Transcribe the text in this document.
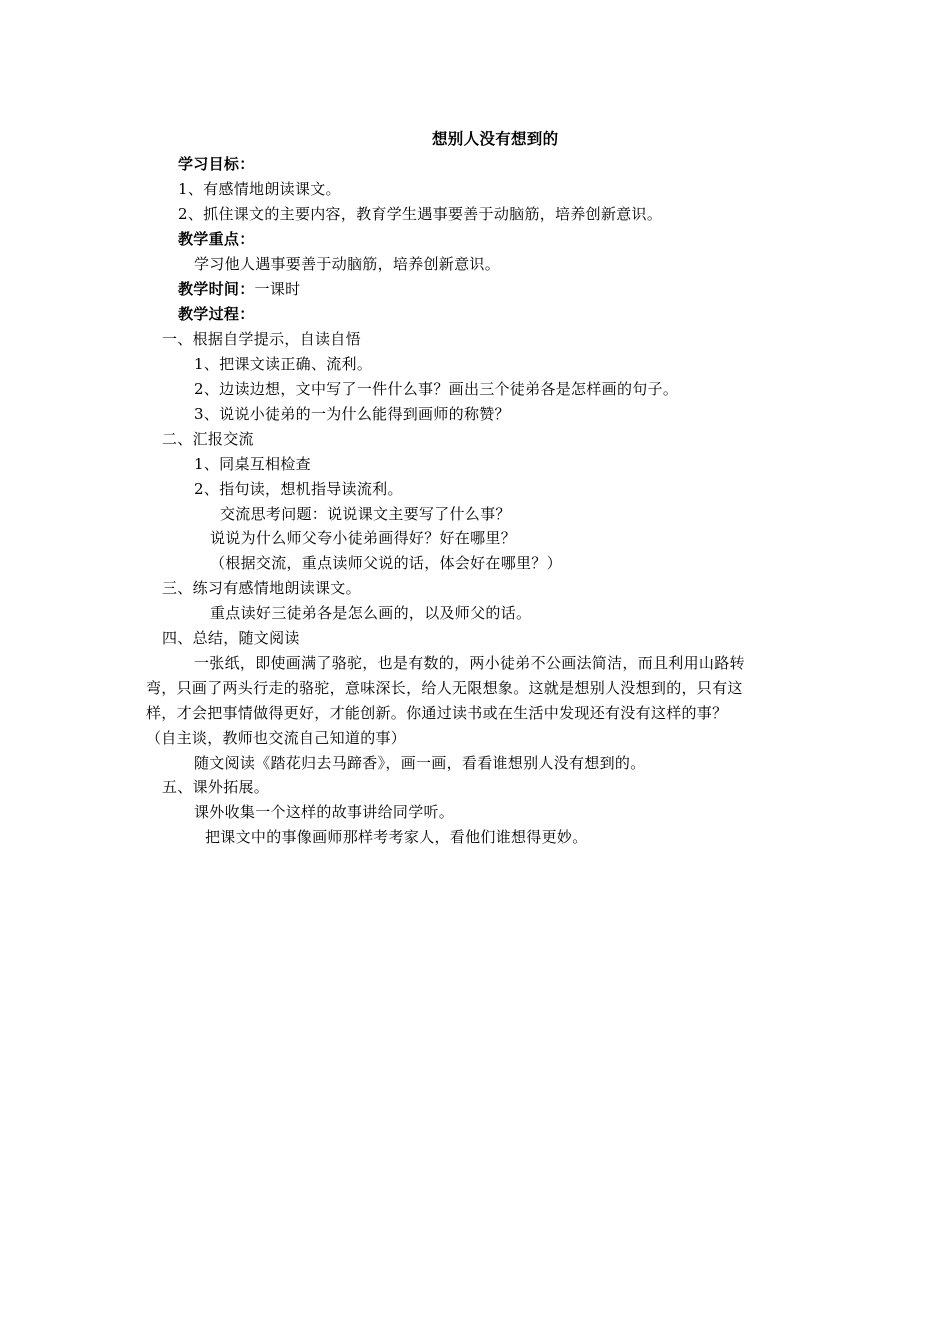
想别人没有想到的
学习目标：
1、有感情地朗读课文。
2、抓住课文的主要内容，教育学生遇事要善于动脑筋，培养创新意识。
教学重点：
学习他人遇事要善于动脑筋，培养创新意识。
教学时间：一课时
教学过程：
一、根据自学提示，自读自悟
1、把课文读正确、流利。
2、边读边想，文中写了一件什么事？画出三个徒弟各是怎样画的句子。
3、说说小徒弟的一为什么能得到画师的称赞？
二、汇报交流
1、同桌互相检查
2、指句读，想机指导读流利。
交流思考问题：说说课文主要写了什么事？
说说为什么师父夸小徒弟画得好？好在哪里？
（根据交流，重点读师父说的话，体会好在哪里？）
三、练习有感情地朗读课文。
重点读好三徒弟各是怎么画的，以及师父的话。
四、总结，随文阅读
一张纸，即使画满了骆驼，也是有数的，两小徒弟不公画法简洁，而且利用山路转
弯，只画了两头行走的骆驼，意味深长，给人无限想象。这就是想别人没想到的，只有这
样，才会把事情做得更好，才能创新。你通过读书或在生活中发现还有没有这样的事？
（自主谈，教师也交流自己知道的事）
随文阅读《踏花归去马蹄香》，画一画，看看谁想别人没有想到的。
五、课外拓展。
课外收集一个这样的故事讲给同学听。
把课文中的事像画师那样考考家人，看他们谁想得更妙。
